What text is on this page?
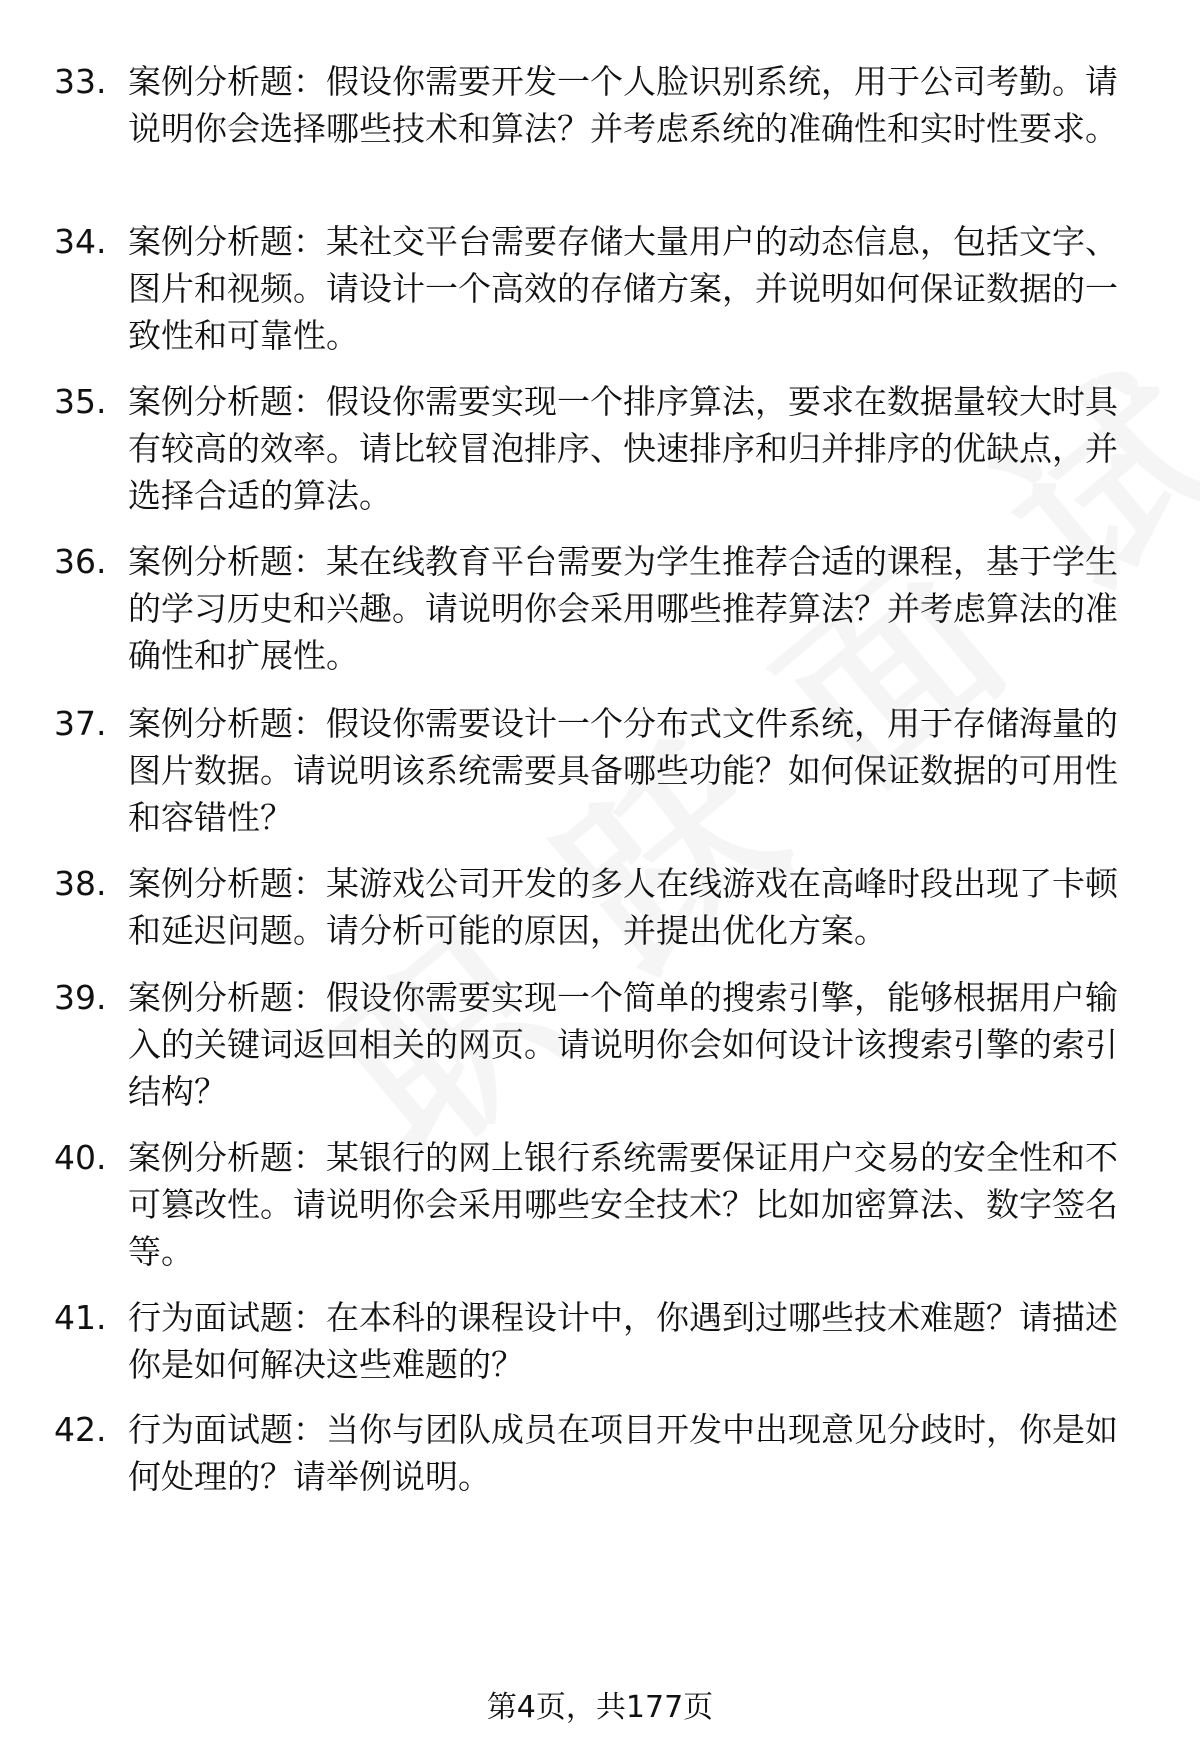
33. 案例分析题：假设你需要开发一个人脸识别系统，用于公司考勤。请说明你会选择哪些技术和算法？并考虑系统的准确性和实时性要求。
34. 案例分析题：某社交平台需要存储大量用户的动态信息，包括文字、图片和视频。请设计一个高效的存储方案，并说明如何保证数据的一致性和可靠性。
35. 案例分析题：假设你需要实现一个排序算法，要求在数据量较大时具有较高的效率。请比较冒泡排序、快速排序和归并排序的优缺点，并选择合适的算法。
36. 案例分析题：某在线教育平台需要为学生推荐合适的课程，基于学生的学习历史和兴趣。请说明你会采用哪些推荐算法？并考虑算法的准确性和扩展性。
37. 案例分析题：假设你需要设计一个分布式文件系统，用于存储海量的图片数据。请说明该系统需要具备哪些功能？如何保证数据的可用性和容错性？
38. 案例分析题：某游戏公司开发的多人在线游戏在高峰时段出现了卡顿和延迟问题。请分析可能的原因，并提出优化方案。
39. 案例分析题：假设你需要实现一个简单的搜索引擎，能够根据用户输入的关键词返回相关的网页。请说明你会如何设计该搜索引擎的索引结构？
40. 案例分析题：某银行的网上银行系统需要保证用户交易的安全性和不可篡改性。请说明你会采用哪些安全技术？比如加密算法、数字签名等。
41. 行为面试题：在本科的课程设计中，你遇到过哪些技术难题？请描述你是如何解决这些难题的？
42. 行为面试题：当你与团队成员在项目开发中出现意见分歧时，你是如何处理的？请举例说明。
第4页，共177页
